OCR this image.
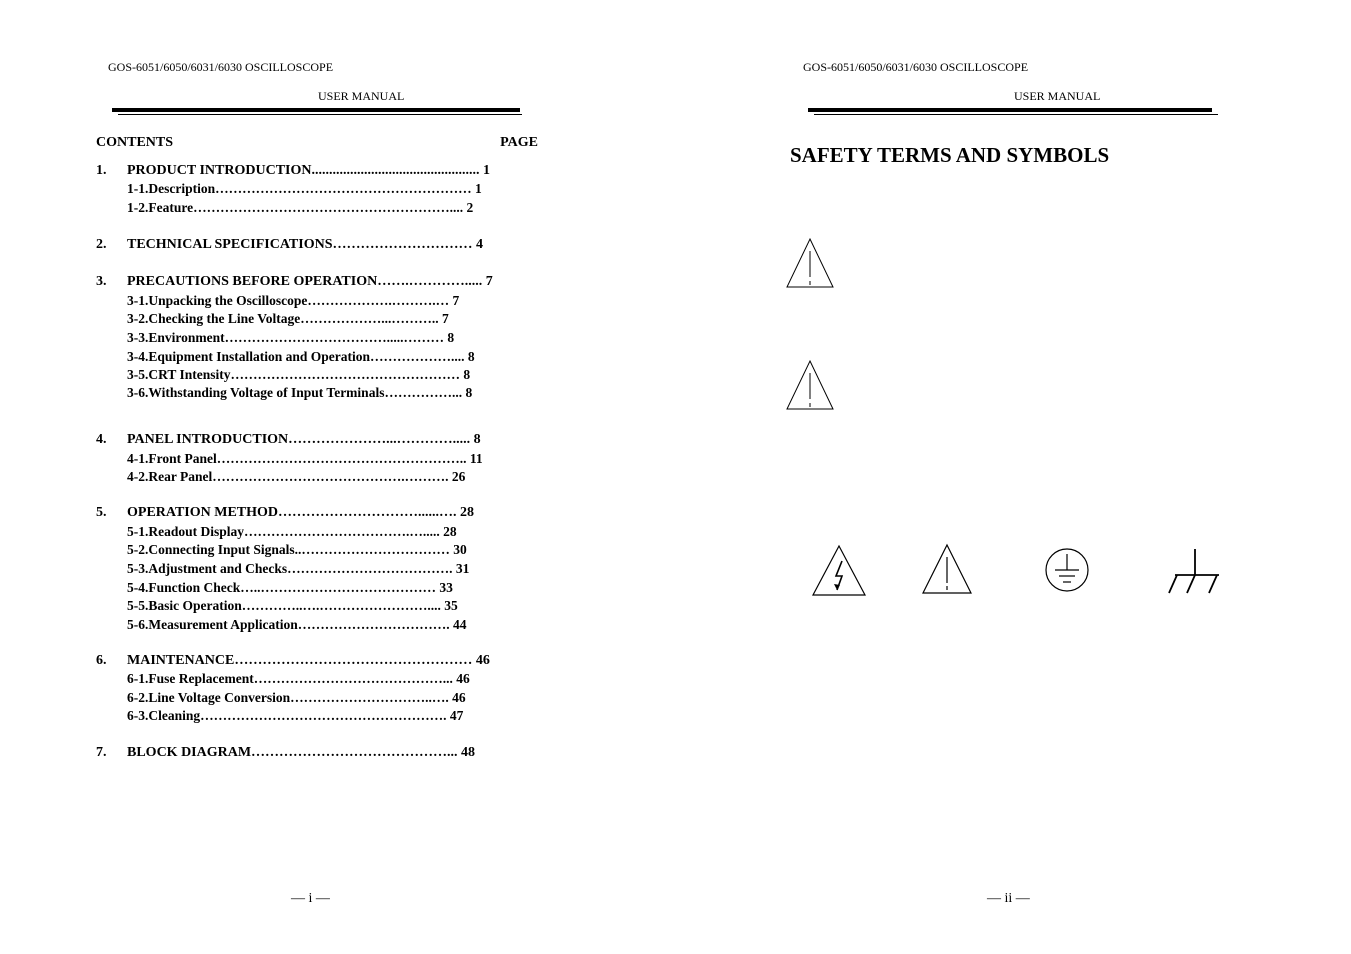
GOS-6051/6050/6031/6030 OSCILLOSCOPE
USER MANUAL
CONTENTS	PAGE
1. PRODUCT INTRODUCTION................................................ 1
1-1.Description………………………………………………… 1
1-2.Feature………………………………………………….... 2
2. TECHNICAL SPECIFICATIONS………………………… 4
3. PRECAUTIONS BEFORE OPERATION…….…………..... 7
3-1.Unpacking the Oscilloscope……………….……….… 7
3-2.Checking the Line Voltage………………...……….. 7
3-3.Environment……………………………….....……… 8
3-4.Equipment Installation and Operation……………….... 8
3-5.CRT Intensity…………………………………………… 8
3-6.Withstanding Voltage of Input Terminals……………... 8
4. PANEL INTRODUCTION…………………...…………..... 8
4-1.Front Panel……………………………………………….. 11
4-2.Rear Panel…………………………………….………. 26
5. OPERATION METHOD…………………………......…. 28
5-1.Readout Display……………………………….…..... 28
5-2.Connecting Input Signals..…………………………… 30
5-3.Adjustment and Checks………………………………. 31
5-4.Function Check…..………………………………… 33
5-5.Basic Operation…………..….…………………….... 35
5-6.Measurement Application……………………………. 44
6. MAINTENANCE…………………………………………… 46
6-1.Fuse Replacement……………………………………... 46
6-2.Line Voltage Conversion…………………………..…. 46
6-3.Cleaning………………………………………………. 47
7. BLOCK DIAGRAM……………………………………... 48
— i —
GOS-6051/6050/6031/6030 OSCILLOSCOPE
USER MANUAL
SAFETY TERMS AND SYMBOLS
— ii —
